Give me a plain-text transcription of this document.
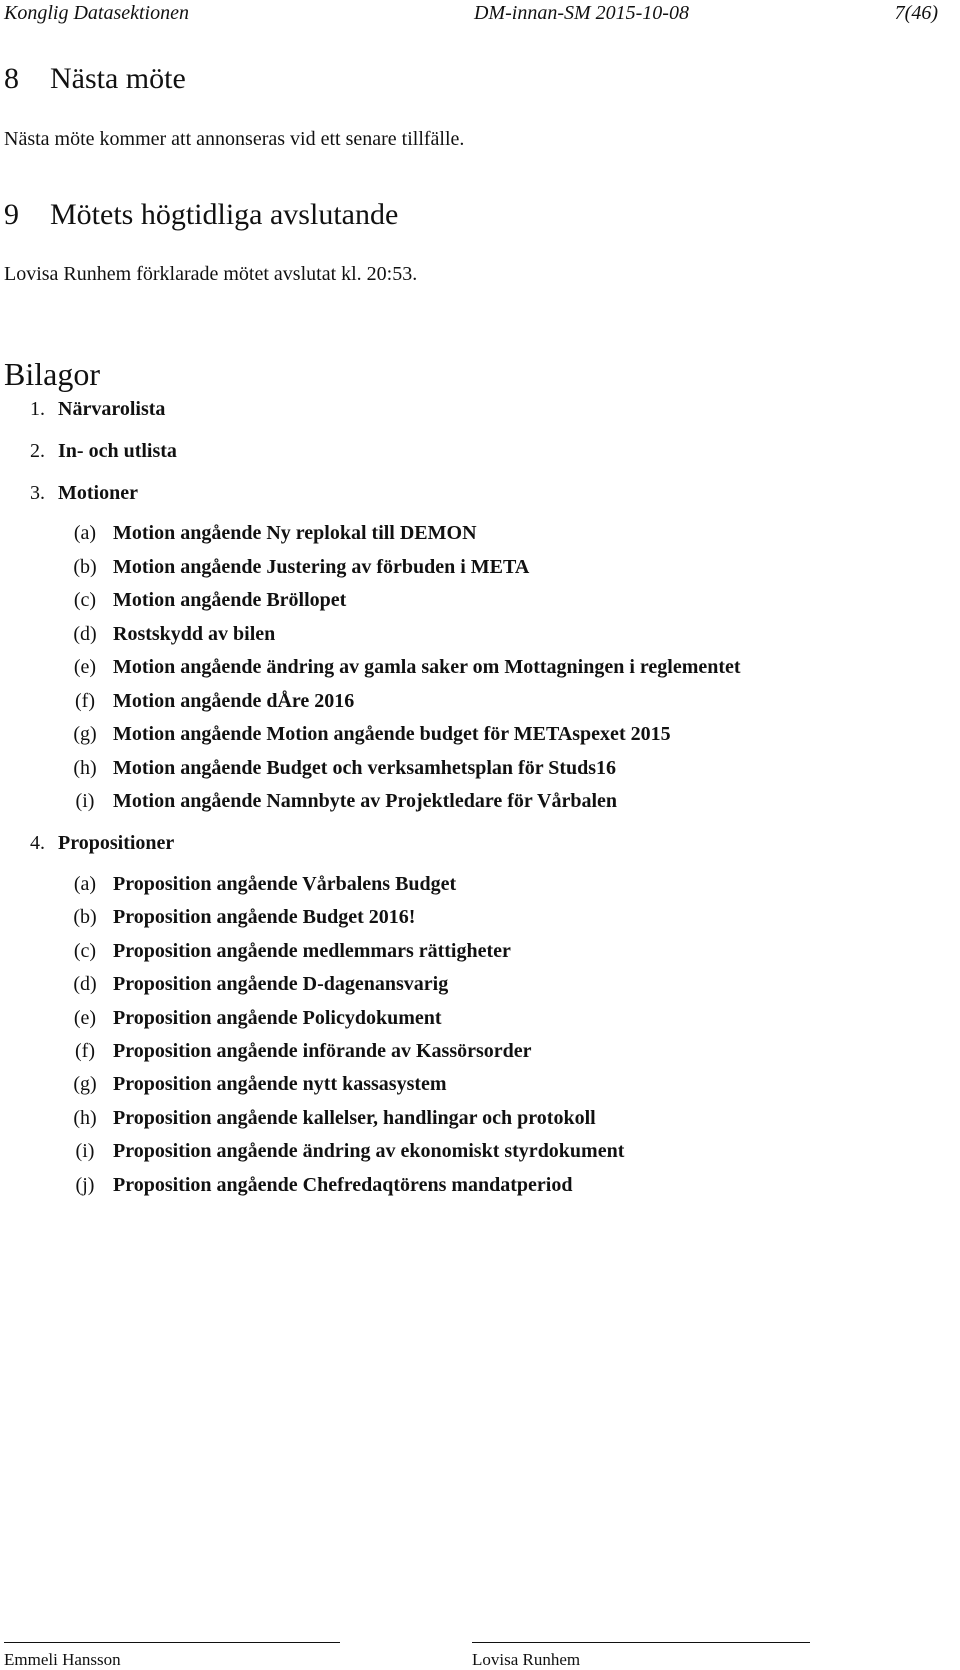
Konglig Datasektionen	DM-innan-SM 2015-10-08	7(46)
8 Nästa möte
Nästa möte kommer att annonseras vid ett senare tillfälle.
9 Mötets högtidliga avslutande
Lovisa Runhem förklarade mötet avslutat kl. 20:53.
Bilagor
1. Närvarolista
2. In- och utlista
3. Motioner
(a) Motion angående Ny replokal till DEMON
(b) Motion angående Justering av förbuden i META
(c) Motion angående Bröllopet
(d) Rostskydd av bilen
(e) Motion angående ändring av gamla saker om Mottagningen i reglementet
(f) Motion angående dÅre 2016
(g) Motion angående Motion angående budget för METAspexet 2015
(h) Motion angående Budget och verksamhetsplan för Studs16
(i) Motion angående Namnbyte av Projektledare för Vårbalen
4. Propositioner
(a) Proposition angående Vårbalens Budget
(b) Proposition angående Budget 2016!
(c) Proposition angående medlemmars rättigheter
(d) Proposition angående D-dagenansvarig
(e) Proposition angående Policydokument
(f) Proposition angående införande av Kassörsorder
(g) Proposition angående nytt kassasystem
(h) Proposition angående kallelser, handlingar och protokoll
(i) Proposition angående ändring av ekonomiskt styrdokument
(j) Proposition angående Chefredaqtörens mandatperiod
Emmeli Hansson	Lovisa Runhem
